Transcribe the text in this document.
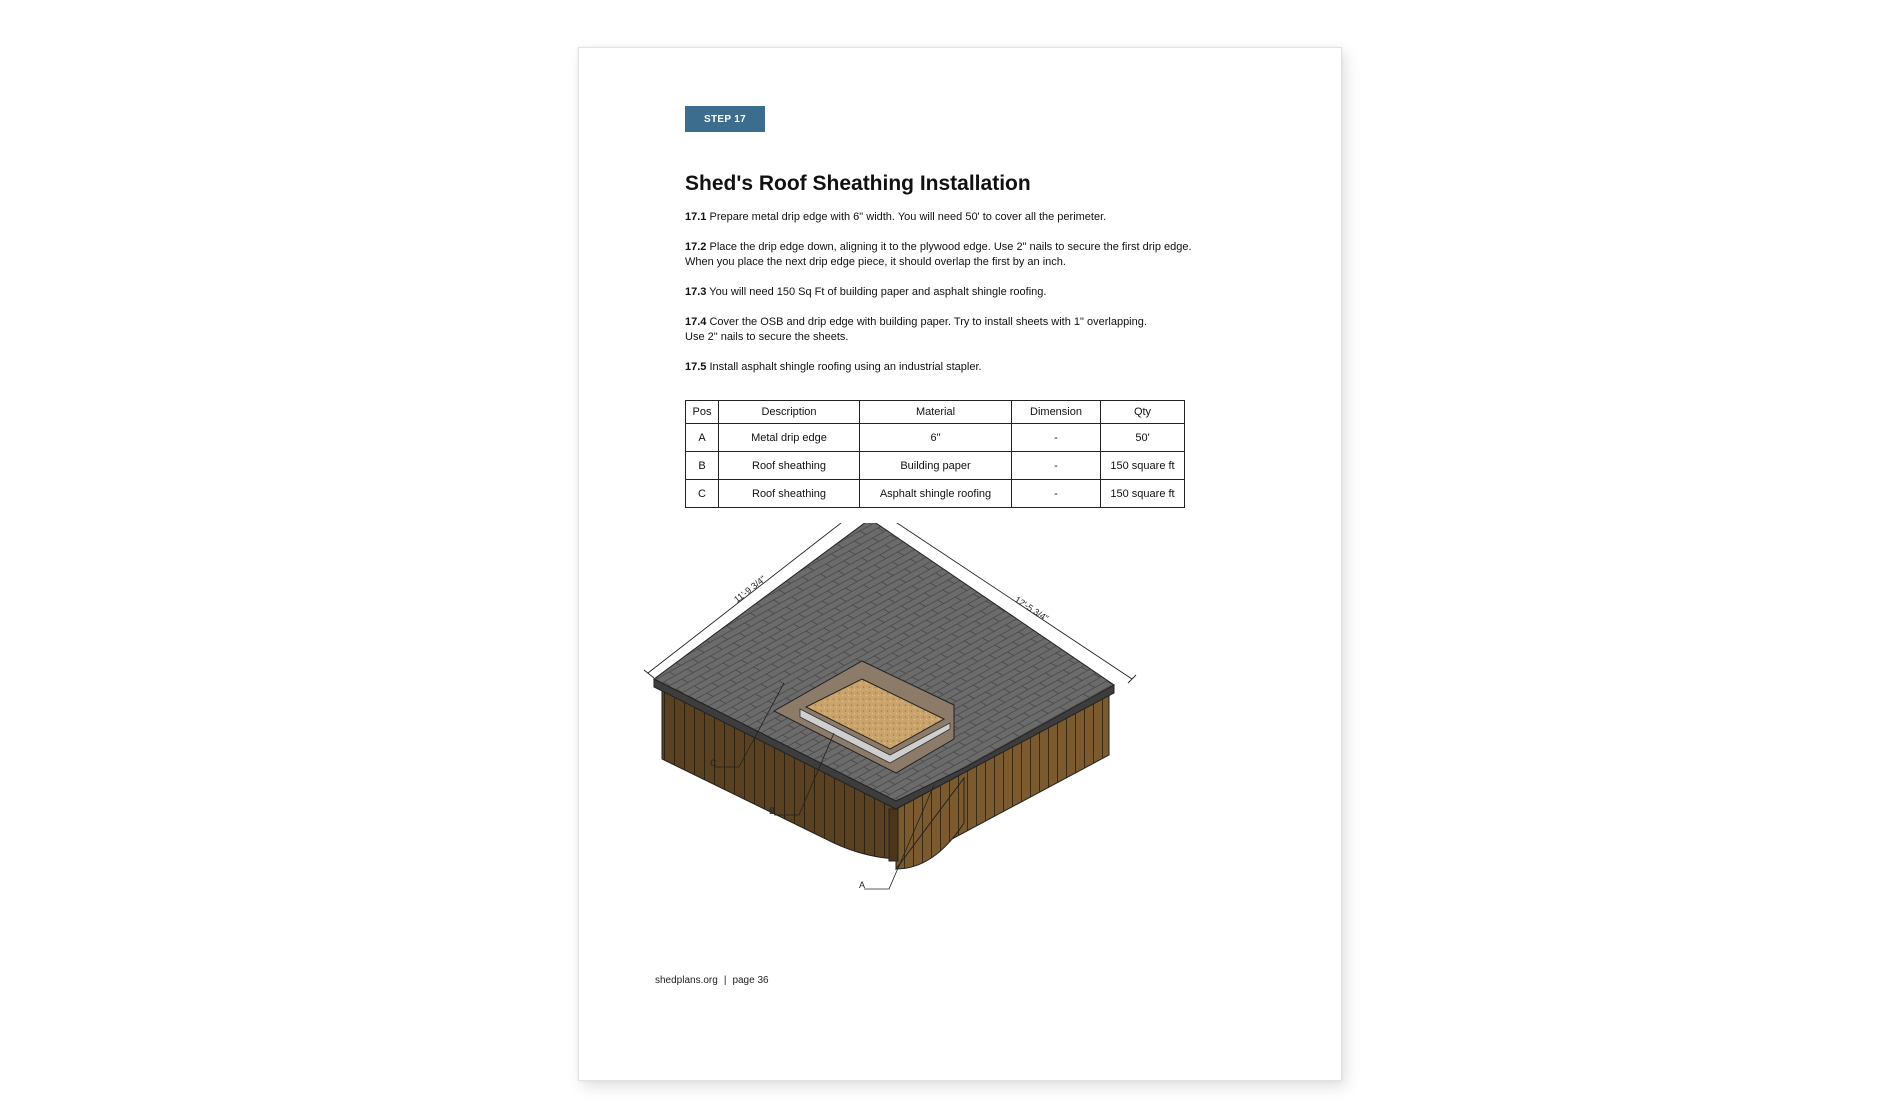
STEP 17
Shed's Roof Sheathing Installation

17.1 Prepare metal drip edge with 6" width. You will need 50' to cover all the perimeter.

17.2 Place the drip edge down, aligning it to the plywood edge. Use 2" nails to secure the first drip edge.
When you place the next drip edge piece, it should overlap the first by an inch.

17.3 You will need 150 Sq Ft of building paper and asphalt shingle roofing.

17.4 Cover the OSB and drip edge with building paper. Try to install sheets with 1" overlapping.
Use 2" nails to secure the sheets.

17.5 Install asphalt shingle roofing using an industrial stapler.

Pos	Description	Material	Dimension	Qty
A	Metal drip edge	6"	-	50'
B	Roof sheathing	Building paper	-	150 square ft
C	Roof sheathing	Asphalt shingle roofing	-	150 square ft
11'-9 3/4"
12'-5 3/4"
C
B
A
shedplans.org | page 36
